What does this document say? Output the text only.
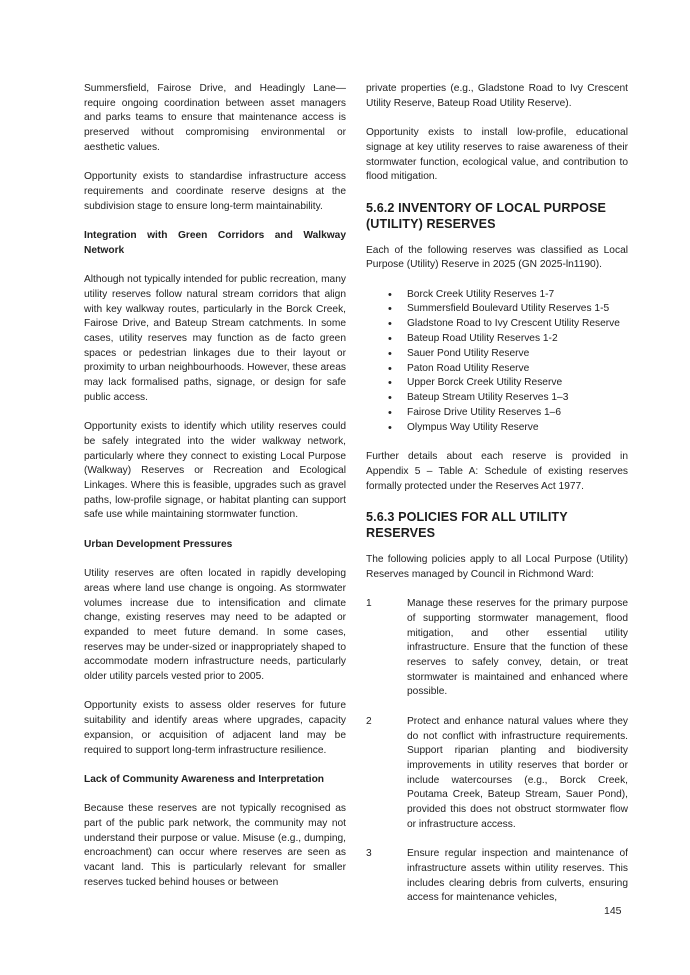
Summersfield, Fairose Drive, and Headingly Lane—require ongoing coordination between asset managers and parks teams to ensure that maintenance access is preserved without compromising environmental or aesthetic values.

Opportunity exists to standardise infrastructure access requirements and coordinate reserve designs at the subdivision stage to ensure long-term maintainability.

Integration with Green Corridors and Walkway Network

Although not typically intended for public recreation, many utility reserves follow natural stream corridors that align with key walkway routes, particularly in the Borck Creek, Fairose Drive, and Bateup Stream catchments. In some cases, utility reserves may function as de facto green spaces or pedestrian linkages due to their layout or proximity to urban neighbourhoods. However, these areas may lack formalised paths, signage, or design for safe public access.

Opportunity exists to identify which utility reserves could be safely integrated into the wider walkway network, particularly where they connect to existing Local Purpose (Walkway) Reserves or Recreation and Ecological Linkages. Where this is feasible, upgrades such as gravel paths, low-profile signage, or habitat planting can support safe use while maintaining stormwater function.

Urban Development Pressures

Utility reserves are often located in rapidly developing areas where land use change is ongoing. As stormwater volumes increase due to intensification and climate change, existing reserves may need to be adapted or expanded to meet future demand. In some cases, reserves may be under-sized or inappropriately shaped to accommodate modern infrastructure needs, particularly older utility parcels vested prior to 2005.

Opportunity exists to assess older reserves for future suitability and identify areas where upgrades, capacity expansion, or acquisition of adjacent land may be required to support long-term infrastructure resilience.

Lack of Community Awareness and Interpretation

Because these reserves are not typically recognised as part of the public park network, the community may not understand their purpose or value. Misuse (e.g., dumping, encroachment) can occur where reserves are seen as vacant land. This is particularly relevant for smaller reserves tucked behind houses or between

private properties (e.g., Gladstone Road to Ivy Crescent Utility Reserve, Bateup Road Utility Reserve).

Opportunity exists to install low-profile, educational signage at key utility reserves to raise awareness of their stormwater function, ecological value, and contribution to flood mitigation.

5.6.2 INVENTORY OF LOCAL PURPOSE (UTILITY) RESERVES

Each of the following reserves was classified as Local Purpose (Utility) Reserve in 2025 (GN 2025-ln1190).

• Borck Creek Utility Reserves 1-7
• Summersfield Boulevard Utility Reserves 1-5
• Gladstone Road to Ivy Crescent Utility Reserve
• Bateup Road Utility Reserves 1-2
• Sauer Pond Utility Reserve
• Paton Road Utility Reserve
• Upper Borck Creek Utility Reserve
• Bateup Stream Utility Reserves 1–3
• Fairose Drive Utility Reserves 1–6
• Olympus Way Utility Reserve

Further details about each reserve is provided in Appendix 5 – Table A: Schedule of existing reserves formally protected under the Reserves Act 1977.

5.6.3 POLICIES FOR ALL UTILITY RESERVES

The following policies apply to all Local Purpose (Utility) Reserves managed by Council in Richmond Ward:

1	Manage these reserves for the primary purpose of supporting stormwater management, flood mitigation, and other essential utility infrastructure. Ensure that the function of these reserves to safely convey, detain, or treat stormwater is maintained and enhanced where possible.
2	Protect and enhance natural values where they do not conflict with infrastructure requirements. Support riparian planting and biodiversity improvements in utility reserves that border or include watercourses (e.g., Borck Creek, Poutama Creek, Bateup Stream, Sauer Pond), provided this does not obstruct stormwater flow or infrastructure access.
3	Ensure regular inspection and maintenance of infrastructure assets within utility reserves. This includes clearing debris from culverts, ensuring access for maintenance vehicles,
145
